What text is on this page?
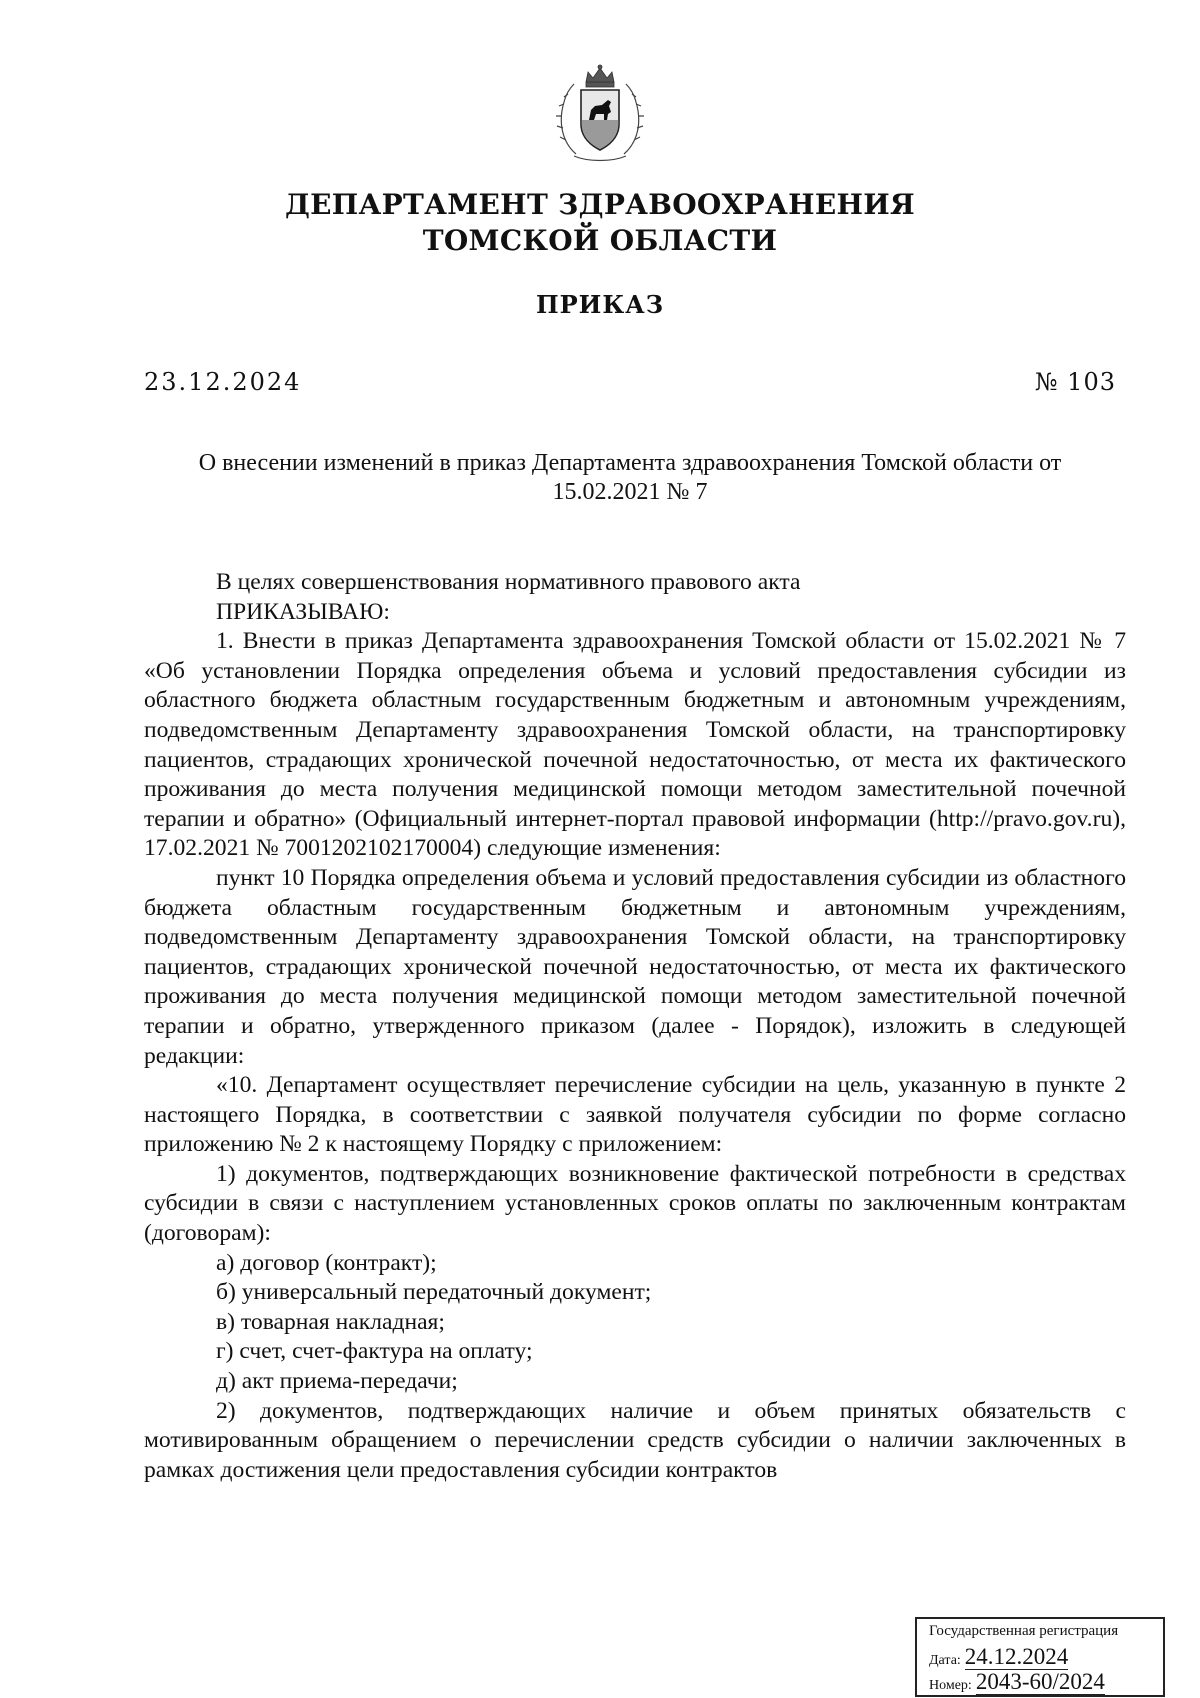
ДЕПАРТАМЕНТ ЗДРАВООХРАНЕНИЯ
ТОМСКОЙ ОБЛАСТИ
ПРИКАЗ
23.12.2024	№ 103
О внесении изменений в приказ Департамента здравоохранения Томской области от
15.02.2021 № 7

В целях совершенствования нормативного правового акта

ПРИКАЗЫВАЮ:

1. Внести в приказ Департамента здравоохранения Томской области от 15.02.2021 № 7 «Об установлении Порядка определения объема и условий предоставления субсидии из областного бюджета областным государственным бюджетным и автономным учреждениям, подведомственным Департаменту здравоохранения Томской области, на транспортировку пациентов, страдающих хронической почечной недостаточностью, от места их фактического проживания до места получения медицинской помощи методом заместительной почечной терапии и обратно» (Официальный интернет-портал правовой информации (http://pravo.gov.ru), 17.02.2021 № 7001202102170004) следующие изменения:

пункт 10 Порядка определения объема и условий предоставления субсидии из областного бюджета областным государственным бюджетным и автономным учреждениям, подведомственным Департаменту здравоохранения Томской области, на транспортировку пациентов, страдающих хронической почечной недостаточностью, от места их фактического проживания до места получения медицинской помощи методом заместительной почечной терапии и обратно, утвержденного приказом (далее - Порядок), изложить в следующей редакции:

«10. Департамент осуществляет перечисление субсидии на цель, указанную в пункте 2 настоящего Порядка, в соответствии с заявкой получателя субсидии по форме согласно приложению № 2 к настоящему Порядку с приложением:

1) документов, подтверждающих возникновение фактической потребности в средствах субсидии в связи с наступлением установленных сроков оплаты по заключенным контрактам (договорам):

а) договор (контракт);

б) универсальный передаточный документ;

в) товарная накладная;

г) счет, счет-фактура на оплату;

д) акт приема-передачи;

2) документов, подтверждающих наличие и объем принятых обязательств с мотивированным обращением о перечислении средств субсидии о наличии заключенных в рамках достижения цели предоставления субсидии контрактов

Государственная регистрация
Дата: 24.12.2024
Номер: 2043-60/2024
